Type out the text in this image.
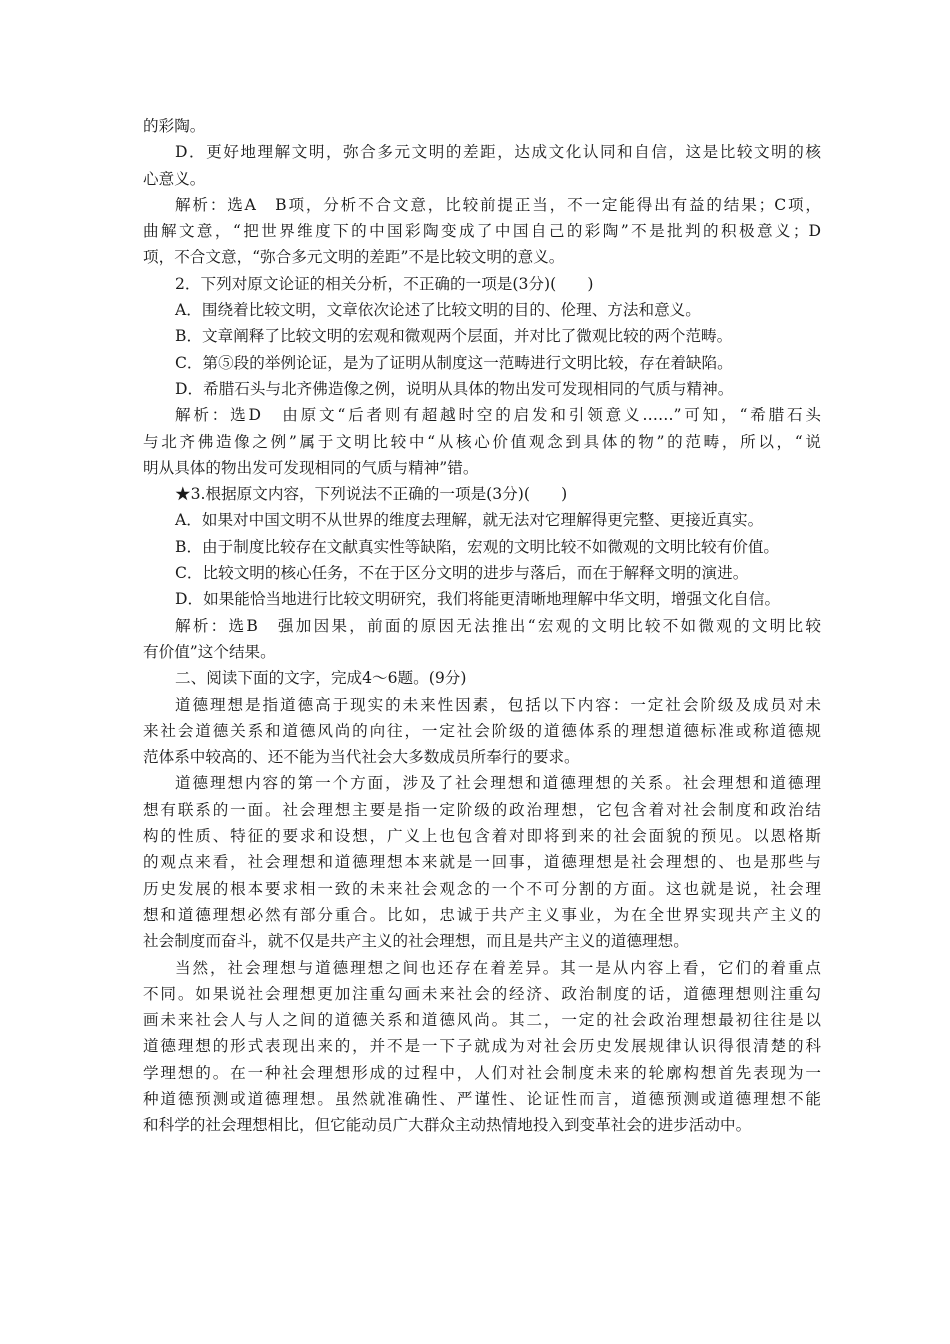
的彩陶。
D．更好地理解文明，弥合多元文明的差距，达成文化认同和自信，这是比较文明的核
心意义。
解析：选A　B项，分析不合文意，比较前提正当，不一定能得出有益的结果；C项，
曲解文意，“把世界维度下的中国彩陶变成了中国自己的彩陶”不是批判的积极意义；D
项，不合文意，“弥合多元文明的差距”不是比较文明的意义。
2．下列对原文论证的相关分析，不正确的一项是(3分)(　　)
A．围绕着比较文明，文章依次论述了比较文明的目的、伦理、方法和意义。
B．文章阐释了比较文明的宏观和微观两个层面，并对比了微观比较的两个范畴。
C．第⑤段的举例论证，是为了证明从制度这一范畴进行文明比较，存在着缺陷。
D．希腊石头与北齐佛造像之例，说明从具体的物出发可发现相同的气质与精神。
解析：选D　由原文“后者则有超越时空的启发和引领意义……”可知，“希腊石头
与北齐佛造像之例”属于文明比较中“从核心价值观念到具体的物”的范畴，所以，“说
明从具体的物出发可发现相同的气质与精神”错。
★3.根据原文内容，下列说法不正确的一项是(3分)(　　)
A．如果对中国文明不从世界的维度去理解，就无法对它理解得更完整、更接近真实。
B．由于制度比较存在文献真实性等缺陷，宏观的文明比较不如微观的文明比较有价值。
C．比较文明的核心任务，不在于区分文明的进步与落后，而在于解释文明的演进。
D．如果能恰当地进行比较文明研究，我们将能更清晰地理解中华文明，增强文化自信。
解析：选B　强加因果，前面的原因无法推出“宏观的文明比较不如微观的文明比较
有价值”这个结果。
二、阅读下面的文字，完成4～6题。(9分)
道德理想是指道德高于现实的未来性因素，包括以下内容：一定社会阶级及成员对未
来社会道德关系和道德风尚的向往，一定社会阶级的道德体系的理想道德标准或称道德规
范体系中较高的、还不能为当代社会大多数成员所奉行的要求。
道德理想内容的第一个方面，涉及了社会理想和道德理想的关系。社会理想和道德理
想有联系的一面。社会理想主要是指一定阶级的政治理想，它包含着对社会制度和政治结
构的性质、特征的要求和设想，广义上也包含着对即将到来的社会面貌的预见。以恩格斯
的观点来看，社会理想和道德理想本来就是一回事，道德理想是社会理想的、也是那些与
历史发展的根本要求相一致的未来社会观念的一个不可分割的方面。这也就是说，社会理
想和道德理想必然有部分重合。比如，忠诚于共产主义事业，为在全世界实现共产主义的
社会制度而奋斗，就不仅是共产主义的社会理想，而且是共产主义的道德理想。
当然，社会理想与道德理想之间也还存在着差异。其一是从内容上看，它们的着重点
不同。如果说社会理想更加注重勾画未来社会的经济、政治制度的话，道德理想则注重勾
画未来社会人与人之间的道德关系和道德风尚。其二，一定的社会政治理想最初往往是以
道德理想的形式表现出来的，并不是一下子就成为对社会历史发展规律认识得很清楚的科
学理想的。在一种社会理想形成的过程中，人们对社会制度未来的轮廓构想首先表现为一
种道德预测或道德理想。虽然就准确性、严谨性、论证性而言，道德预测或道德理想不能
和科学的社会理想相比，但它能动员广大群众主动热情地投入到变革社会的进步活动中。
